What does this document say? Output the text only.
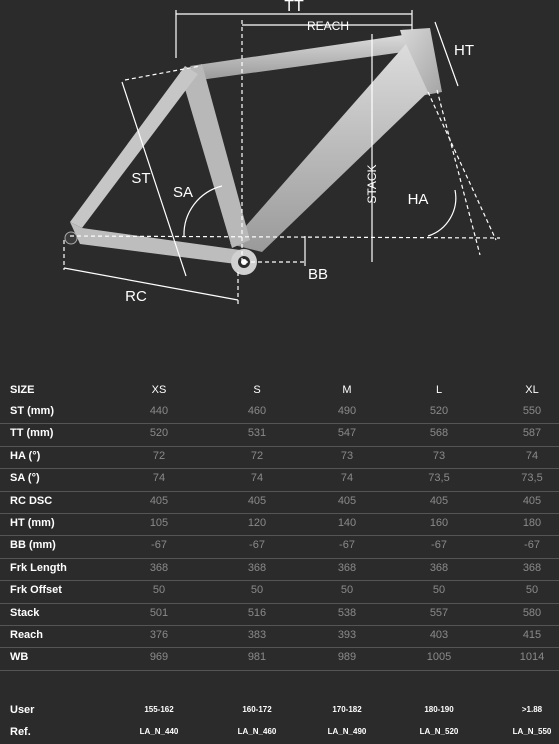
TT
REACH
HT
ST
SA	STACK HA
BB
RC
SIZE	XS	S	M	L	XL
ST (mm)	440	460	490	520	550
TT (mm)	520	531	547	568	587
HA (°)	72	72	73	73	74
SA (°)	74	74	74	73,5	73,5
RC DSC	405	405	405	405	405
HT (mm)	105	120	140	160	180
BB (mm)	-67	-67	-67	-67	-67
Frk Length	368	368	368	368	368
Frk Offset	50	50	50	50	50
Stack	501	516	538	557	580
Reach	376	383	393	403	415
WB	969	981	989	1005	1014
User	155-162	160-172	170-182	180-190	>1.88
Ref.	LA_N_440	LA_N_460	LA_N_490	LA_N_520	LA_N_550
